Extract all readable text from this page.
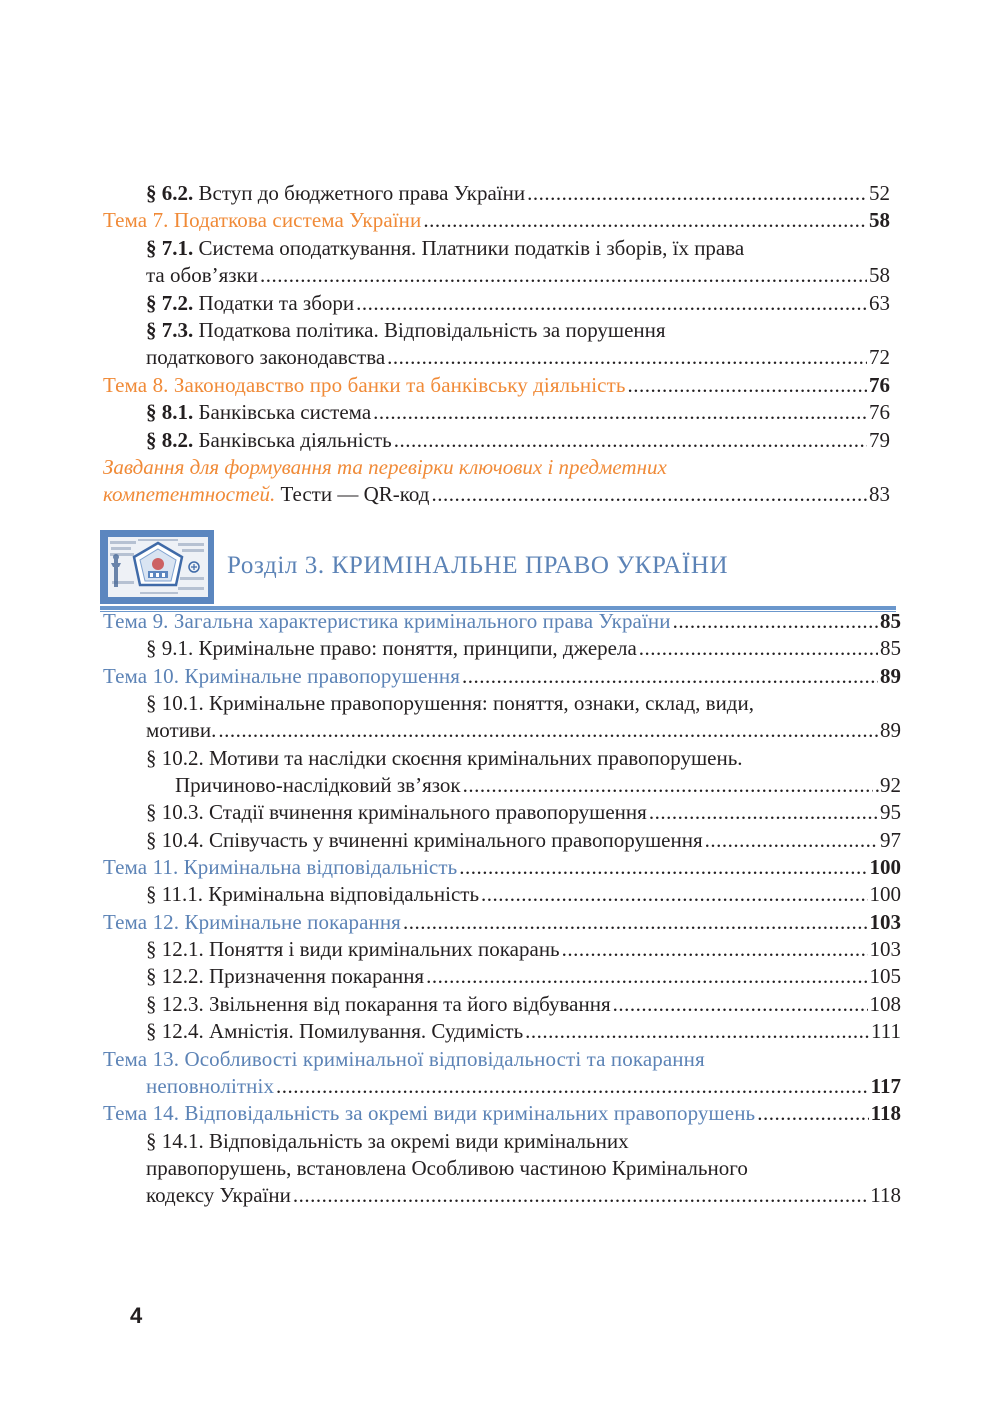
§ 6.2. Вступ до бюджетного права України .....	52
Тема 7. Податкова система України .....	58
§ 7.1. Система оподаткування. Платники податків і зборів, їх права
та обов’язки .....	58
§ 7.2. Податки та збори .....	63
§ 7.3. Податкова політика. Відповідальність за порушення
податкового законодавства .....	72
Тема 8. Законодавство про банки та банківську діяльність .....	76
§ 8.1. Банківська система .....	76
§ 8.2. Банківська діяльність .....	79
Завдання для формування та перевірки ключових і предметних
компетентностей. Тести — QR-код .....	83
Розділ 3. КРИМІНАЛЬНЕ ПРАВО УКРАЇНИ
Тема 9. Загальна характеристика кримінального права України .....	85
§ 9.1. Кримінальне право: поняття, принципи, джерела .....	85
Тема 10. Кримінальне правопорушення .....	89
§ 10.1. Кримінальне правопорушення: поняття, ознаки, склад, види,
мотиви. .....	89
§ 10.2. Мотиви та наслідки скоєння кримінальних правопорушень.
Причиново-наслідковий зв’язок .....	.92
§ 10.3. Стадії вчинення кримінального правопорушення .....	95
§ 10.4. Співучасть у вчиненні кримінального правопорушення .....	97
Тема 11. Кримінальна відповідальність .....	100
§ 11.1. Кримінальна відповідальність .....	100
Тема 12. Кримінальне покарання .....	103
§ 12.1. Поняття і види кримінальних покарань .....	103
§ 12.2. Призначення покарання .....	105
§ 12.3. Звільнення від покарання та його відбування .....	108
§ 12.4. Амністія. Помилування. Судимість .....	111
Тема 13. Особливості кримінальної відповідальності та покарання
неповнолітніх .....	117
Тема 14. Відповідальність за окремі види кримінальних правопорушень .....	118
§ 14.1. Відповідальність за окремі види кримінальних
правопорушень, встановлена Особливою частиною Кримінального
кодексу України .....	118
4
